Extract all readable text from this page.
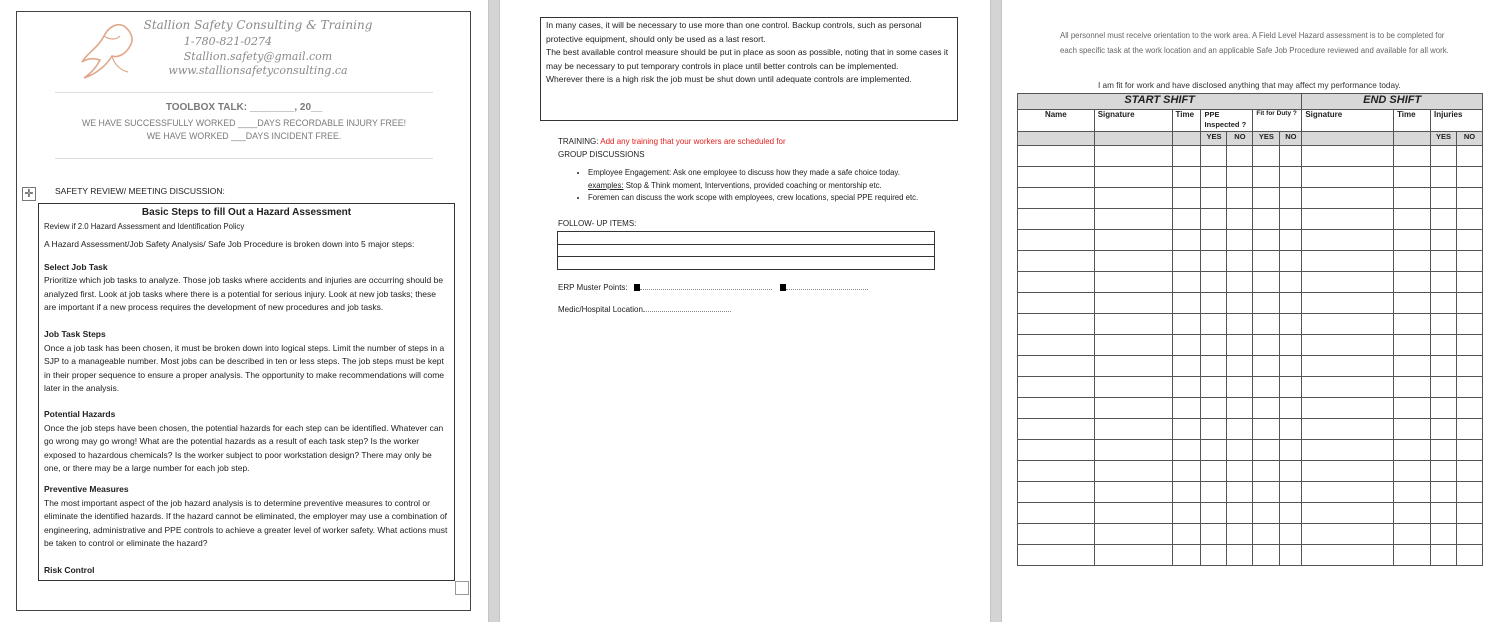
Stallion Safety Consulting & Training
1-780-821-0274
Stallion.safety@gmail.com
www.stallionsafetyconsulting.ca
TOOLBOX TALK: ________, 20__
WE HAVE SUCCESSFULLY WORKED ____DAYS RECORDABLE INJURY FREE!
WE HAVE WORKED ___DAYS INCIDENT FREE.
✛	SAFETY REVIEW/ MEETING DISCUSSION:
Basic Steps to fill Out a Hazard Assessment
Review if 2.0 Hazard Assessment and Identification Policy
A Hazard Assessment/Job Safety Analysis/ Safe Job Procedure is broken down into 5 major steps:
Select Job Task
Prioritize which job tasks to analyze. Those job tasks where accidents and injuries are occurring should be analyzed first. Look at job tasks where there is a potential for serious injury. Look at new job tasks; these are important if a new process requires the development of new procedures and job tasks.
Job Task Steps
Once a job task has been chosen, it must be broken down into logical steps. Limit the number of steps in a SJP to a manageable number. Most jobs can be described in ten or less steps. The job steps must be kept in their proper sequence to ensure a proper analysis. The opportunity to make recommendations will come later in the analysis.
Potential Hazards
Once the job steps have been chosen, the potential hazards for each step can be identified. Whatever can go wrong may go wrong! What are the potential hazards as a result of each task step? Is the worker exposed to hazardous chemicals? Is the worker subject to poor workstation design? There may only be one, or there may be a large number for each job step.
Preventive Measures
The most important aspect of the job hazard analysis is to determine preventive measures to control or eliminate the identified hazards. If the hazard cannot be eliminated, the employer may use a combination of engineering, administrative and PPE controls to achieve a greater level of worker safety. What actions must be taken to control or eliminate the hazard?
Risk Control
In many cases, it will be necessary to use more than one control. Backup controls, such as personal protective equipment, should only be used as a last resort.
The best available control measure should be put in place as soon as possible, noting that in some cases it may be necessary to put temporary controls in place until better controls can be implemented.
Wherever there is a high risk the job must be shut down until adequate controls are implemented.
TRAINING: Add any training that your workers are scheduled for
GROUP DISCUSSIONS
• Employee Engagement: Ask one employee to discuss how they made a safe choice today.
examples: Stop & Think moment, Interventions, provided coaching or mentorship etc.
• Foremen can discuss the work scope with employees, crew locations, special PPE required etc.
FOLLOW- UP ITEMS:
ERP Muster Points:
Medic/Hospital Location
All personnel must receive orientation to the work area. A Field Level Hazard assessment is to be completed for each specific task at the work location and an applicable Safe Job Procedure reviewed and available for all work.
I am fit for work and have disclosed anything that may affect my performance today.
START SHIFT							END SHIFT			
Name	Signature	Time	PPE Inspected ?		Fit for Duty ?		Signature	Time	Injuries	
			YES	NO	YES	NO			YES	NO
